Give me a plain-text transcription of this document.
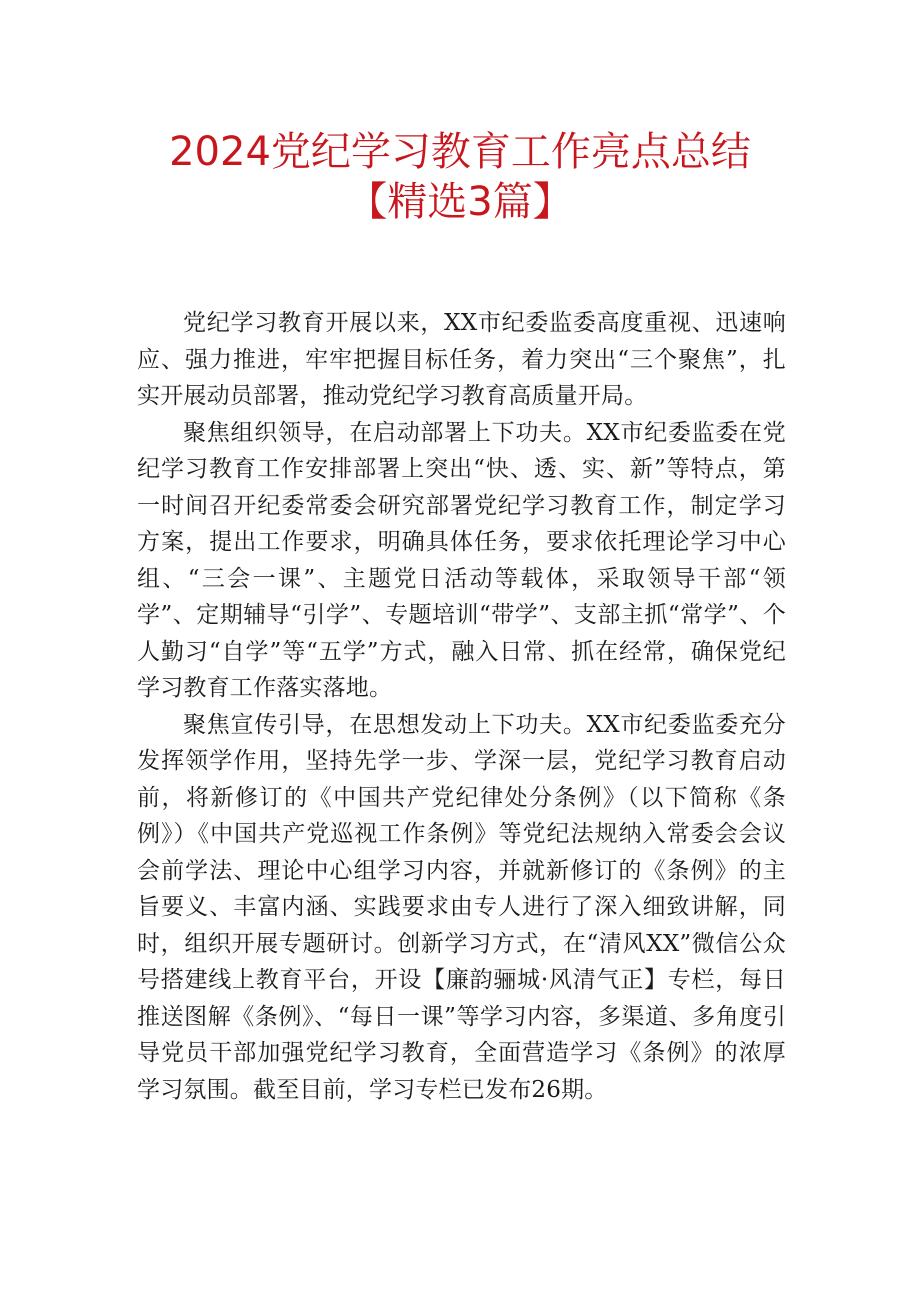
2024党纪学习教育工作亮点总结
【精选3篇】

党纪学习教育开展以来，XX市纪委监委高度重视、迅速响应、强力推进，牢牢把握目标任务，着力突出“三个聚焦”，扎实开展动员部署，推动党纪学习教育高质量开局。

聚焦组织领导，在启动部署上下功夫。XX市纪委监委在党纪学习教育工作安排部署上突出“快、透、实、新”等特点，第一时间召开纪委常委会研究部署党纪学习教育工作，制定学习方案，提出工作要求，明确具体任务，要求依托理论学习中心组、“三会一课”、主题党日活动等载体，采取领导干部“领学”、定期辅导“引学”、专题培训“带学”、支部主抓“常学”、个人勤习“自学”等“五学”方式，融入日常、抓在经常，确保党纪学习教育工作落实落地。

聚焦宣传引导，在思想发动上下功夫。XX市纪委监委充分发挥领学作用，坚持先学一步、学深一层，党纪学习教育启动前，将新修订的《中国共产党纪律处分条例》（以下简称《条例》）《中国共产党巡视工作条例》等党纪法规纳入常委会会议会前学法、理论中心组学习内容，并就新修订的《条例》的主旨要义、丰富内涵、实践要求由专人进行了深入细致讲解，同时，组织开展专题研讨。创新学习方式，在“清风XX”微信公众号搭建线上教育平台，开设【廉韵骊城·风清气正】专栏，每日推送图解《条例》、“每日一课”等学习内容，多渠道、多角度引导党员干部加强党纪学习教育，全面营造学习《条例》的浓厚学习氛围。截至目前，学习专栏已发布26期。
